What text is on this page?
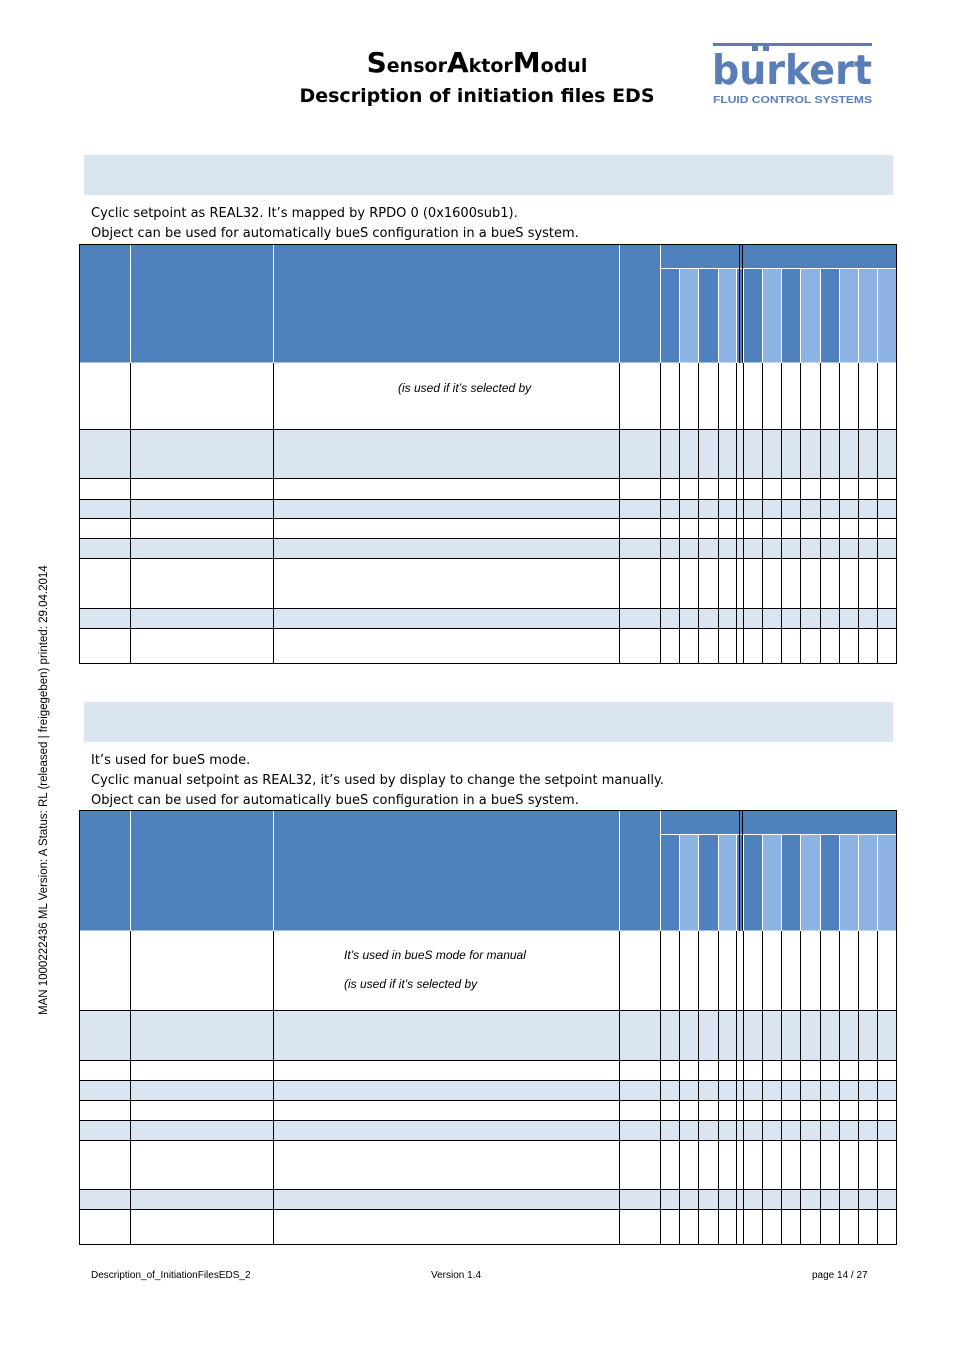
SensorAktorModul
Description of initiation files EDS
burkert
FLUID CONTROL SYSTEMS
Cyclic setpoint as REAL32. It’s mapped by RPDO 0 (0x1600sub1).
Object can be used for automatically bueS configuration in a bueS system.
(is used if it’s selected by
It’s used for bueS mode.
Cyclic manual setpoint as REAL32, it’s used by display to change the setpoint manually.
Object can be used for automatically bueS configuration in a bueS system.
It’s used in bueS mode for manual
(is used if it’s selected by
MAN 1000222436 ML Version: A Status: RL (released | freigegeben) printed: 29.04.2014
Description_of_InitiationFilesEDS_2	Version 1.4	page 14 / 27
